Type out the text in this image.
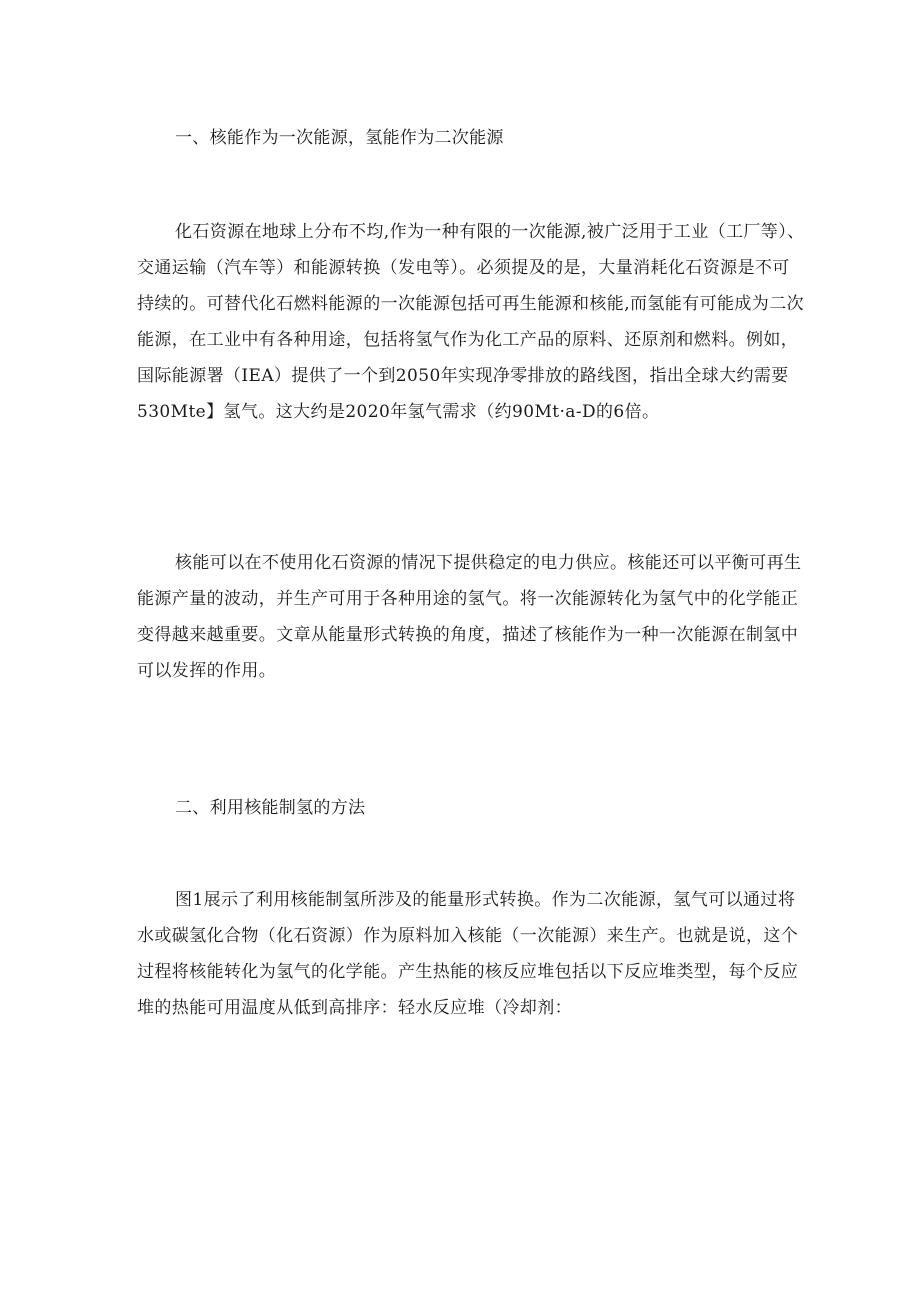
一、核能作为一次能源，氢能作为二次能源
化石资源在地球上分布不均,作为一种有限的一次能源,被广泛用于工业（工厂等）、
交通运输（汽车等）和能源转换（发电等）。必须提及的是，大量消耗化石资源是不可
持续的。可替代化石燃料能源的一次能源包括可再生能源和核能,而氢能有可能成为二次
能源，在工业中有各种用途，包括将氢气作为化工产品的原料、还原剂和燃料。例如，
国际能源署（IEA）提供了一个到2050年实现净零排放的路线图，指出全球大约需要
530Mte】氢气。这大约是2020年氢气需求（约90Mt·a-D的6倍。
核能可以在不使用化石资源的情况下提供稳定的电力供应。核能还可以平衡可再生
能源产量的波动，并生产可用于各种用途的氢气。将一次能源转化为氢气中的化学能正
变得越来越重要。文章从能量形式转换的角度，描述了核能作为一种一次能源在制氢中
可以发挥的作用。
二、利用核能制氢的方法
图1展示了利用核能制氢所涉及的能量形式转换。作为二次能源，氢气可以通过将
水或碳氢化合物（化石资源）作为原料加入核能（一次能源）来生产。也就是说，这个
过程将核能转化为氢气的化学能。产生热能的核反应堆包括以下反应堆类型，每个反应
堆的热能可用温度从低到高排序：轻水反应堆（冷却剂：
